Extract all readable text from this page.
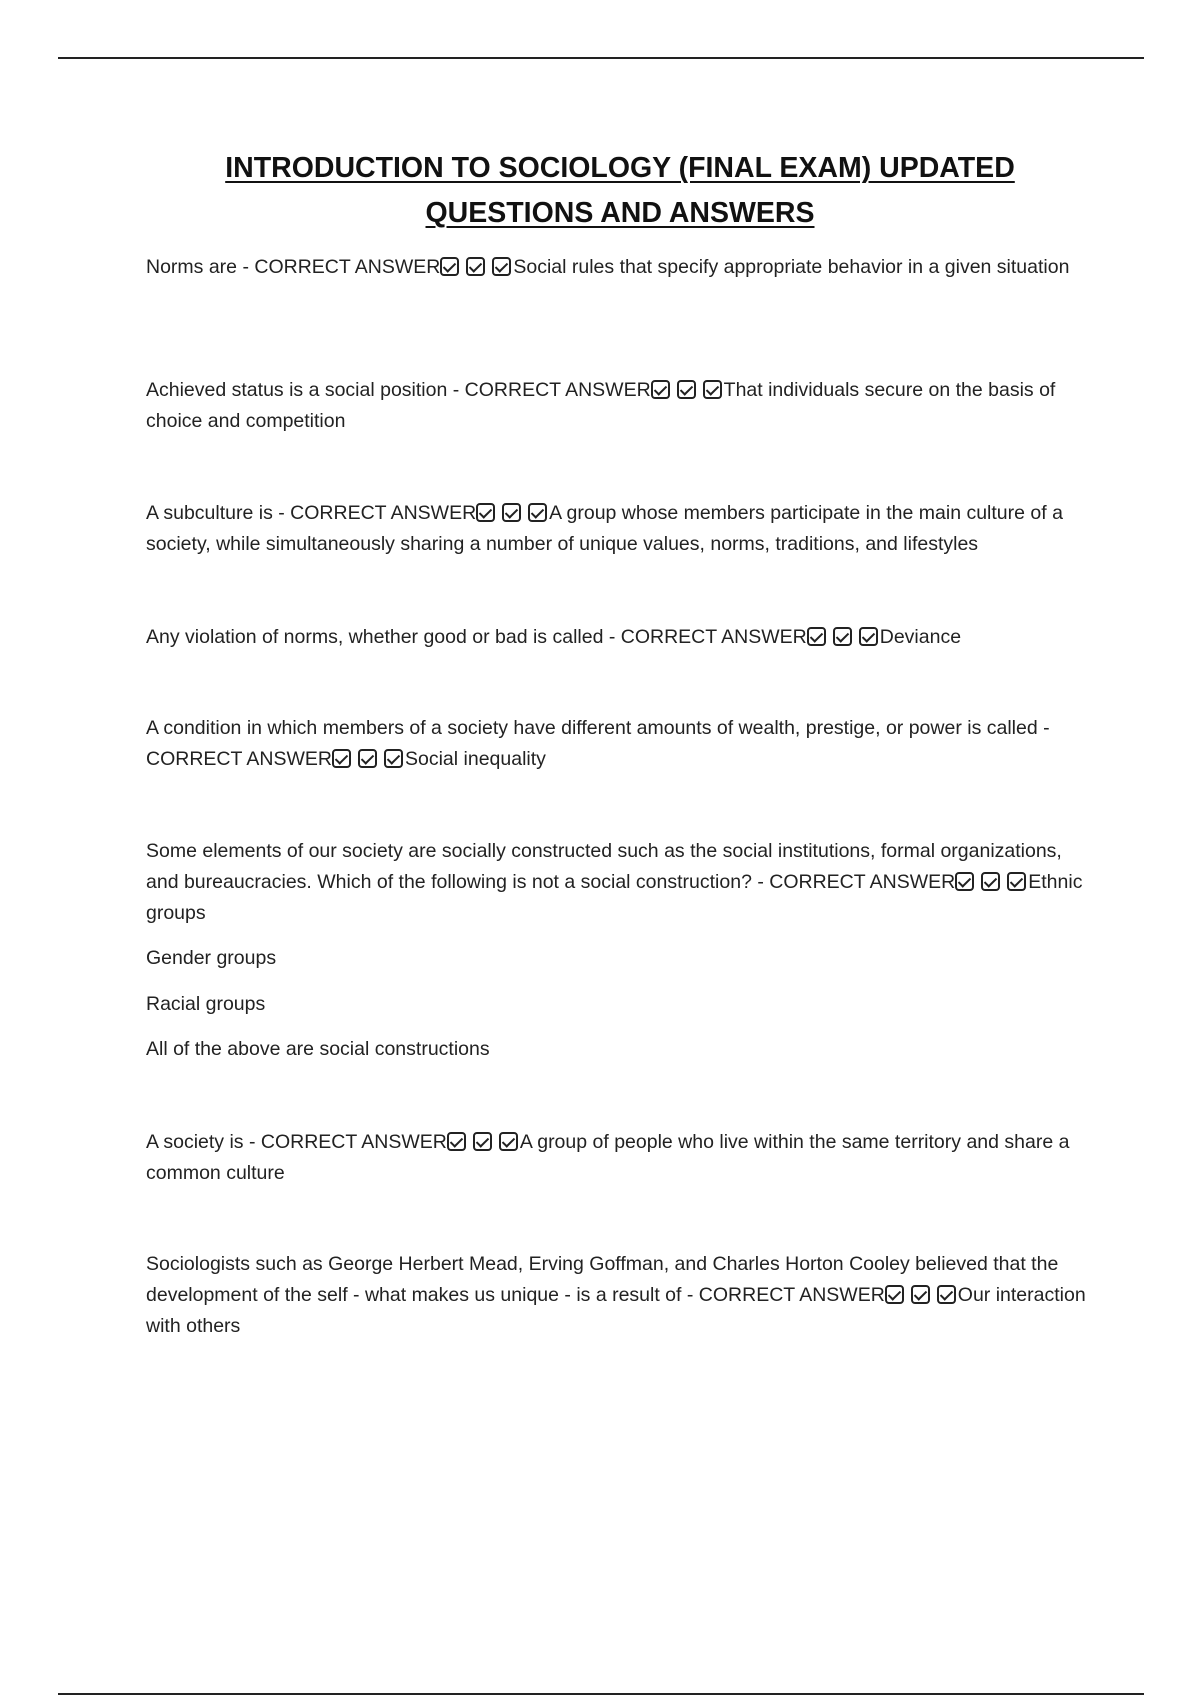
INTRODUCTION TO SOCIOLOGY (FINAL EXAM) UPDATED
QUESTIONS AND ANSWERS
Norms are - CORRECT ANSWER	Social rules that specify appropriate behavior in a given situation
Achieved status is a social position - CORRECT ANSWER	That individuals secure on the basis of choice and competition
A subculture is - CORRECT ANSWER	A group whose members participate in the main culture of a society, while simultaneously sharing a number of unique values, norms, traditions, and lifestyles
Any violation of norms, whether good or bad is called - CORRECT ANSWER	Deviance
A condition in which members of a society have different amounts of wealth, prestige, or power is called - CORRECT ANSWER	Social inequality
Some elements of our society are socially constructed such as the social institutions, formal organizations, and bureaucracies. Which of the following is not a social construction? - CORRECT ANSWER	Ethnic groups
Gender groups
Racial groups
All of the above are social constructions
A society is - CORRECT ANSWER	A group of people who live within the same territory and share a common culture
Sociologists such as George Herbert Mead, Erving Goffman, and Charles Horton Cooley believed that the development of the self - what makes us unique - is a result of - CORRECT ANSWER	Our interaction with others
